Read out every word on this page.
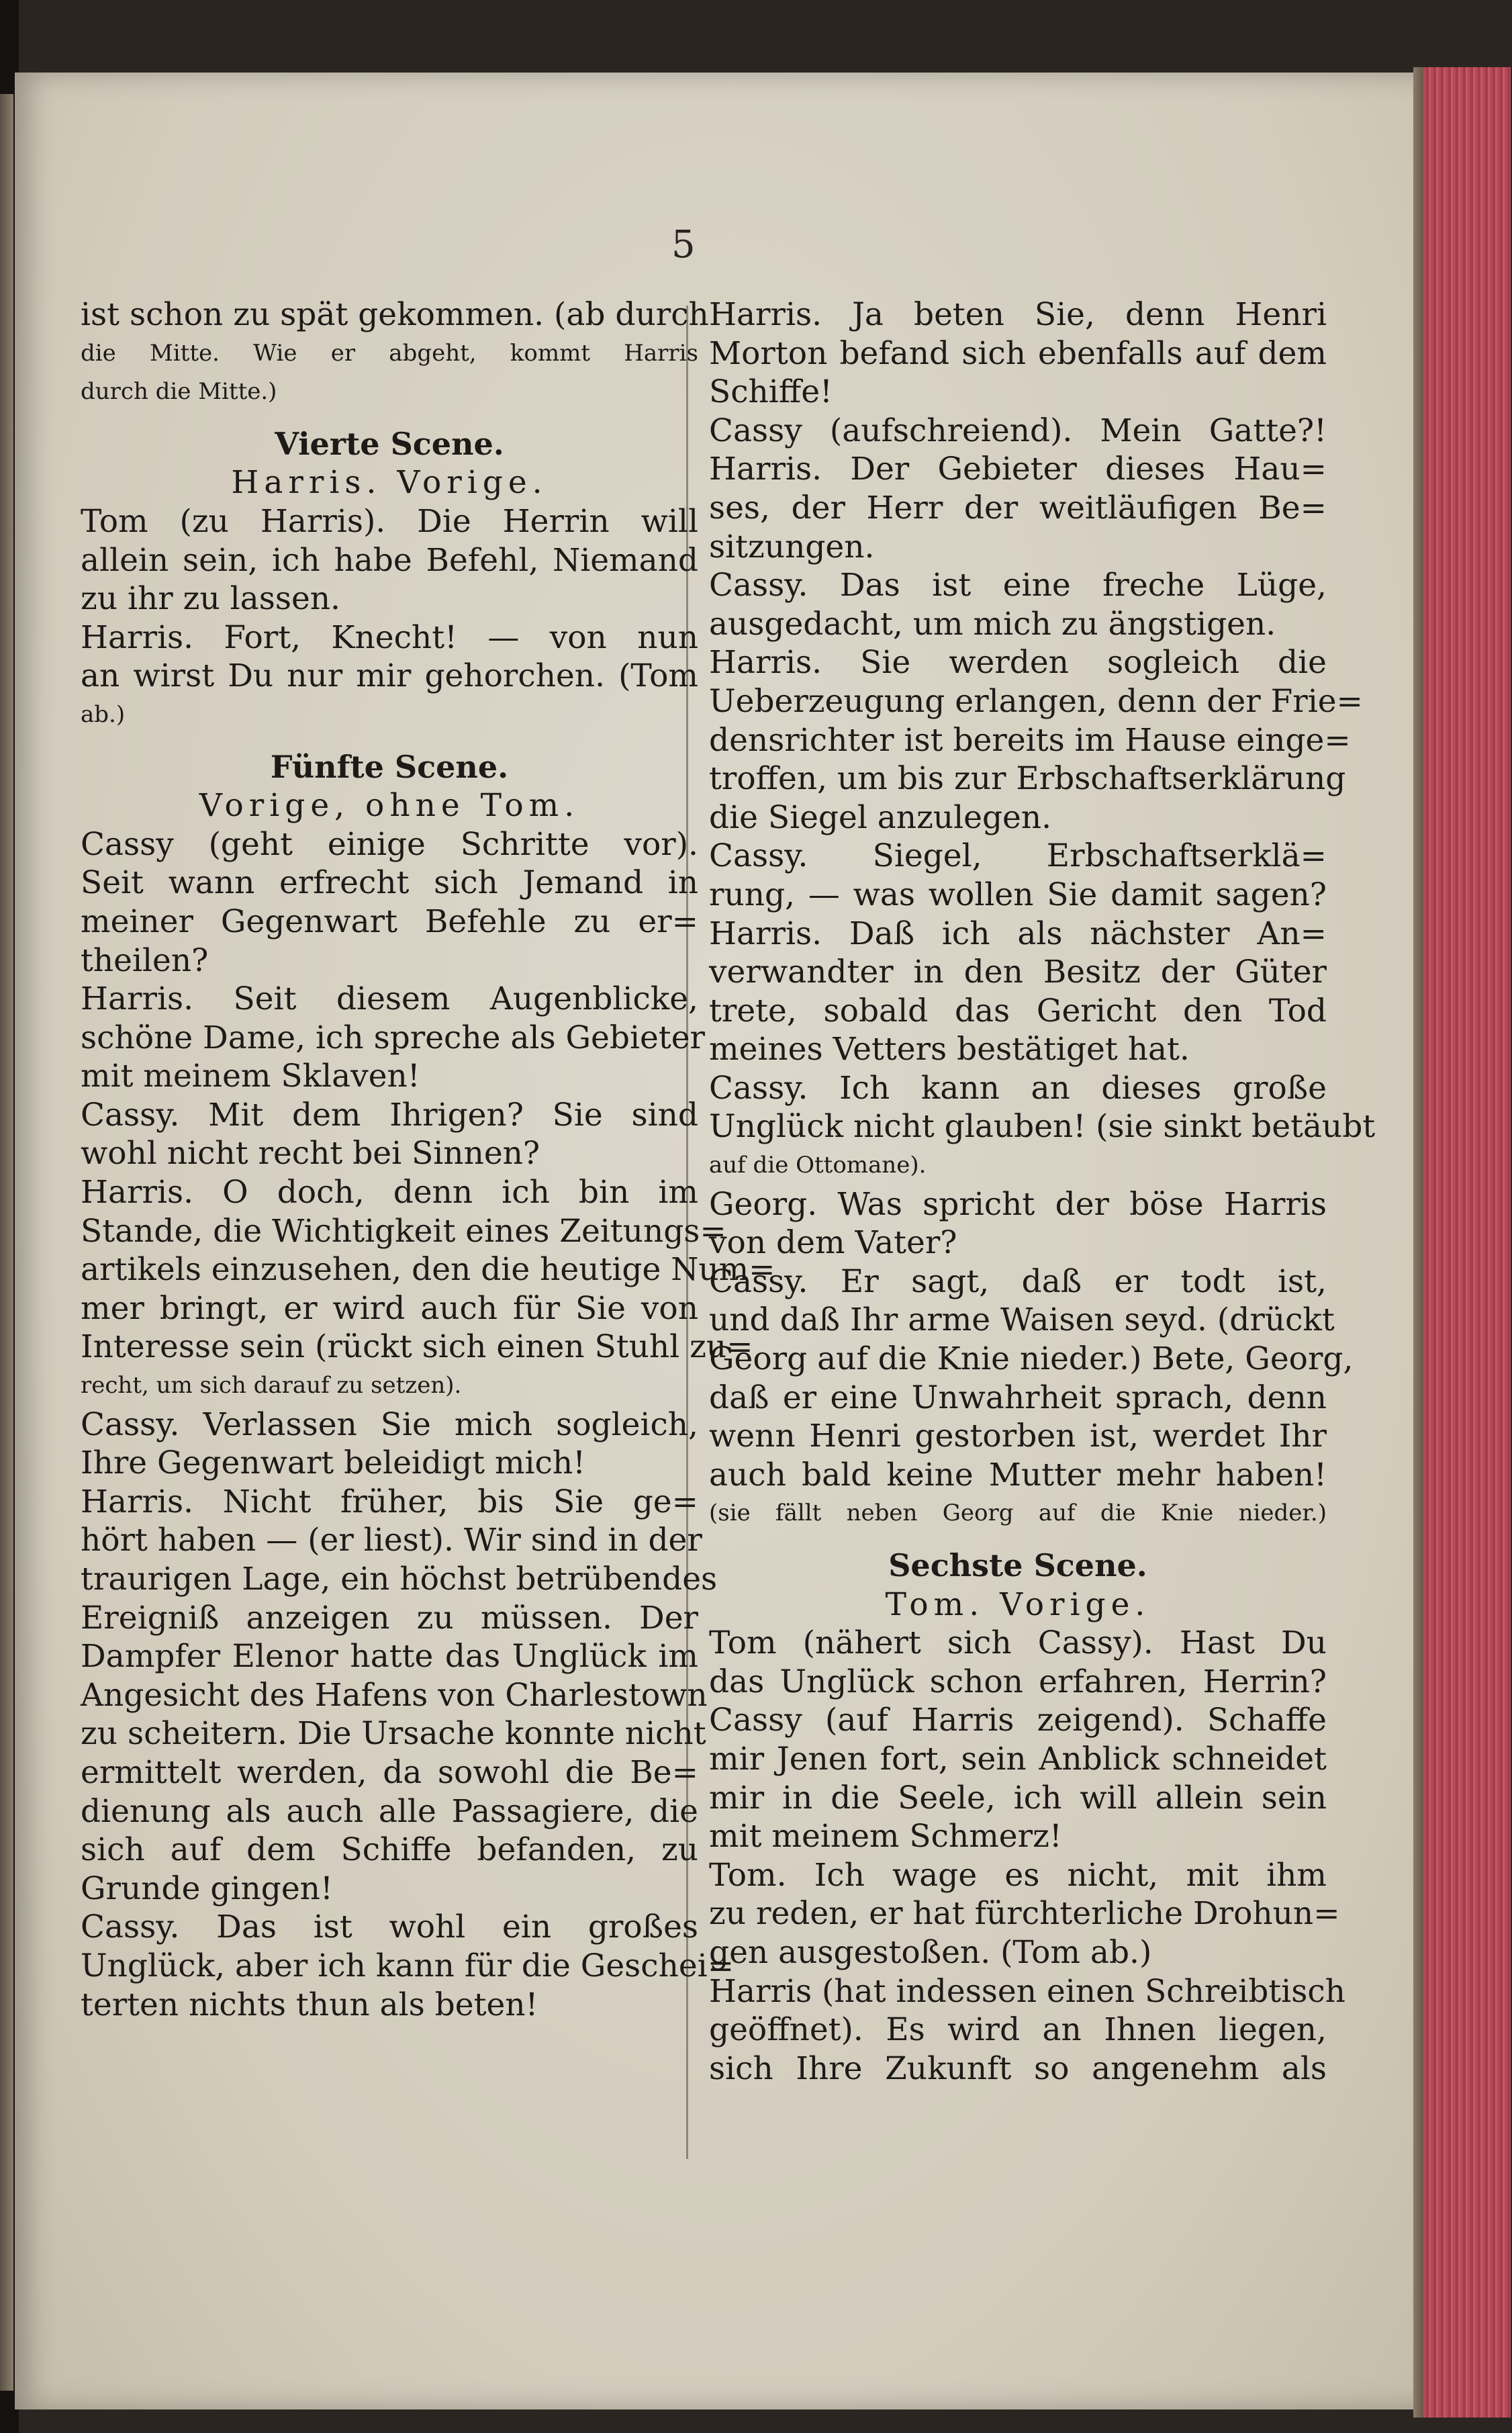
5
ist schon zu spät gekommen. (ab durch
die Mitte. Wie er abgeht, kommt Harris
durch die Mitte.)
Vierte Scene.
Harris. Vorige.
Tom (zu Harris). Die Herrin will
allein sein, ich habe Befehl, Niemand
zu ihr zu lassen.
Harris. Fort, Knecht! — von nun
an wirst Du nur mir gehorchen. (Tom
ab.)
Fünfte Scene.
Vorige, ohne Tom.
Cassy (geht einige Schritte vor).
Seit wann erfrecht sich Jemand in
meiner Gegenwart Befehle zu er=
theilen?
Harris. Seit diesem Augenblicke,
schöne Dame, ich spreche als Gebieter
mit meinem Sklaven!
Cassy. Mit dem Ihrigen? Sie sind
wohl nicht recht bei Sinnen?
Harris. O doch, denn ich bin im
Stande, die Wichtigkeit eines Zeitungs=
artikels einzusehen, den die heutige Num=
mer bringt, er wird auch für Sie von
Interesse sein (rückt sich einen Stuhl zu=
recht, um sich darauf zu setzen).
Cassy. Verlassen Sie mich sogleich,
Ihre Gegenwart beleidigt mich!
Harris. Nicht früher, bis Sie ge=
hört haben — (er liest). Wir sind in der
traurigen Lage, ein höchst betrübendes
Ereigniß anzeigen zu müssen. Der
Dampfer Elenor hatte das Unglück im
Angesicht des Hafens von Charlestown
zu scheitern. Die Ursache konnte nicht
ermittelt werden, da sowohl die Be=
dienung als auch alle Passagiere, die
sich auf dem Schiffe befanden, zu
Grunde gingen!
Cassy. Das ist wohl ein großes
Unglück, aber ich kann für die Geschei=
terten nichts thun als beten!
Harris. Ja beten Sie, denn Henri
Morton befand sich ebenfalls auf dem
Schiffe!
Cassy (aufschreiend). Mein Gatte?!
Harris. Der Gebieter dieses Hau=
ses, der Herr der weitläufigen Be=
sitzungen.
Cassy. Das ist eine freche Lüge,
ausgedacht, um mich zu ängstigen.
Harris. Sie werden sogleich die
Ueberzeugung erlangen, denn der Frie=
densrichter ist bereits im Hause einge=
troffen, um bis zur Erbschaftserklärung
die Siegel anzulegen.
Cassy. Siegel, Erbschaftserklä=
rung, — was wollen Sie damit sagen?
Harris. Daß ich als nächster An=
verwandter in den Besitz der Güter
trete, sobald das Gericht den Tod
meines Vetters bestätiget hat.
Cassy. Ich kann an dieses große
Unglück nicht glauben! (sie sinkt betäubt
auf die Ottomane).
Georg. Was spricht der böse Harris
von dem Vater?
Cassy. Er sagt, daß er todt ist,
und daß Ihr arme Waisen seyd. (drückt
Georg auf die Knie nieder.) Bete, Georg,
daß er eine Unwahrheit sprach, denn
wenn Henri gestorben ist, werdet Ihr
auch bald keine Mutter mehr haben!
(sie fällt neben Georg auf die Knie nieder.)
Sechste Scene.
Tom. Vorige.
Tom (nähert sich Cassy). Hast Du
das Unglück schon erfahren, Herrin?
Cassy (auf Harris zeigend). Schaffe
mir Jenen fort, sein Anblick schneidet
mir in die Seele, ich will allein sein
mit meinem Schmerz!
Tom. Ich wage es nicht, mit ihm
zu reden, er hat fürchterliche Drohun=
gen ausgestoßen. (Tom ab.)
Harris (hat indessen einen Schreibtisch
geöffnet). Es wird an Ihnen liegen,
sich Ihre Zukunft so angenehm als
